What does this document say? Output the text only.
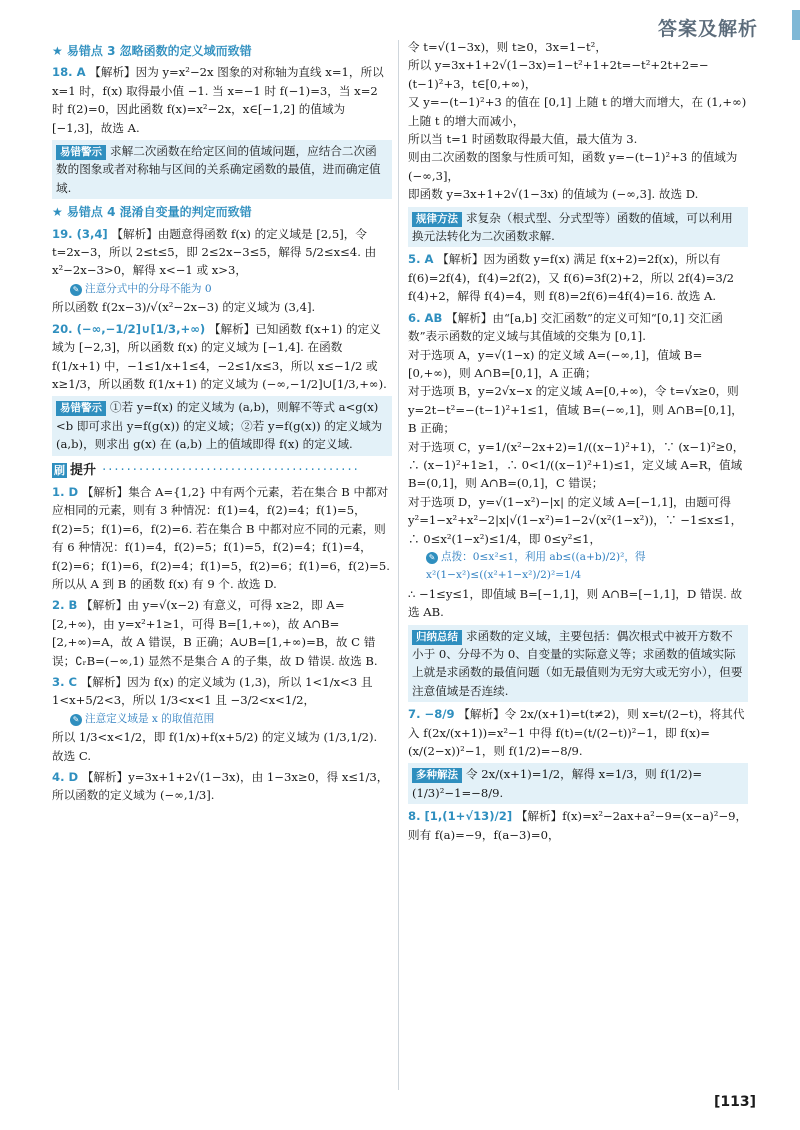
答案及解析

★ 易错点 3 忽略函数的定义域而致错

18. A 【解析】因为 y=x²−2x 图象的对称轴为直线 x=1，所以 x=1 时，f(x) 取得最小值 −1. 当 x=−1 时 f(−1)=3，当 x=2 时 f(2)=0，因此函数 f(x)=x²−2x，x∈[−1,2] 的值域为 [−1,3]，故选 A.

易错警示 求解二次函数在给定区间的值域问题，应结合二次函数的图象或者对称轴与区间的关系确定函数的最值，进而确定值域.

★ 易错点 4 混淆自变量的判定而致错

19. (3,4] 【解析】由题意得函数 f(x) 的定义域是 [2,5]，令 t=2x−3，所以 2≤t≤5，即 2≤2x−3≤5，解得 5/2≤x≤4. 由 x²−2x−3>0，解得 x<−1 或 x>3，

✎ 注意分式中的分母不能为 0

所以函数 f(2x−3)/√(x²−2x−3) 的定义域为 (3,4].

20. (−∞,−1/2]∪[1/3,+∞) 【解析】已知函数 f(x+1) 的定义域为 [−2,3]，所以函数 f(x) 的定义域为 [−1,4]. 在函数 f(1/x+1) 中，−1≤1/x+1≤4，−2≤1/x≤3，所以 x≤−1/2 或 x≥1/3，所以函数 f(1/x+1) 的定义域为 (−∞,−1/2]∪[1/3,+∞).

易错警示 ①若 y=f(x) 的定义域为 (a,b)，则解不等式 a<g(x)<b 即可求出 y=f(g(x)) 的定义域；②若 y=f(g(x)) 的定义域为 (a,b)，则求出 g(x) 在 (a,b) 上的值域即得 f(x) 的定义域.

刷 提升 ··········································

1. D 【解析】集合 A={1,2} 中有两个元素，若在集合 B 中都对应相同的元素，则有 3 种情况：f(1)=4，f(2)=4；f(1)=5，f(2)=5；f(1)=6，f(2)=6. 若在集合 B 中都对应不同的元素，则有 6 种情况：f(1)=4，f(2)=5；f(1)=5，f(2)=4；f(1)=4，f(2)=6；f(1)=6，f(2)=4；f(1)=5，f(2)=6；f(1)=6，f(2)=5. 所以从 A 到 B 的函数 f(x) 有 9 个. 故选 D.

2. B 【解析】由 y=√(x−2) 有意义，可得 x≥2，即 A=[2,+∞)，由 y=x²+1≥1，可得 B=[1,+∞)，故 A∩B=[2,+∞)=A，故 A 错误，B 正确；A∪B=[1,+∞)=B，故 C 错误；∁ᵣB=(−∞,1) 显然不是集合 A 的子集，故 D 错误. 故选 B.

3. C 【解析】因为 f(x) 的定义域为 (1,3)，所以 1<1/x<3 且 1<x+5/2<3，所以 1/3<x<1 且 −3/2<x<1/2，

✎ 注意定义域是 x 的取值范围

所以 1/3<x<1/2，即 f(1/x)+f(x+5/2) 的定义域为 (1/3,1/2). 故选 C.

4. D 【解析】y=3x+1+2√(1−3x)，由 1−3x≥0，得 x≤1/3，所以函数的定义域为 (−∞,1/3].

令 t=√(1−3x)，则 t≥0，3x=1−t²，

所以 y=3x+1+2√(1−3x)=1−t²+1+2t=−t²+2t+2=−(t−1)²+3，t∈[0,+∞)，

又 y=−(t−1)²+3 的值在 [0,1] 上随 t 的增大而增大，在 (1,+∞) 上随 t 的增大而减小，

所以当 t=1 时函数取得最大值，最大值为 3.

则由二次函数的图象与性质可知，函数 y=−(t−1)²+3 的值域为 (−∞,3]，

即函数 y=3x+1+2√(1−3x) 的值域为 (−∞,3]. 故选 D.

规律方法 求复杂（根式型、分式型等）函数的值域，可以利用换元法转化为二次函数求解.

5. A 【解析】因为函数 y=f(x) 满足 f(x+2)=2f(x)，所以有 f(6)=2f(4)，f(4)=2f(2)，又 f(6)=3f(2)+2，所以 2f(4)=3/2 f(4)+2，解得 f(4)=4，则 f(8)=2f(6)=4f(4)=16. 故选 A.

6. AB 【解析】由“[a,b] 交汇函数”的定义可知“[0,1] 交汇函数”表示函数的定义域与其值域的交集为 [0,1].

对于选项 A，y=√(1−x) 的定义域 A=(−∞,1]，值域 B=[0,+∞)，则 A∩B=[0,1]，A 正确；

对于选项 B，y=2√x−x 的定义域 A=[0,+∞)，令 t=√x≥0，则 y=2t−t²=−(t−1)²+1≤1，值域 B=(−∞,1]，则 A∩B=[0,1]，B 正确；

对于选项 C，y=1/(x²−2x+2)=1/((x−1)²+1)，∵ (x−1)²≥0，∴ (x−1)²+1≥1，∴ 0<1/((x−1)²+1)≤1，定义域 A=R，值域 B=(0,1]，则 A∩B=(0,1]，C 错误；

对于选项 D，y=√(1−x²)−|x| 的定义域 A=[−1,1]，由题可得 y²=1−x²+x²−2|x|√(1−x²)=1−2√(x²(1−x²))，∵ −1≤x≤1，∴ 0≤x²(1−x²)≤1/4，即 0≤y²≤1，

✎ 点拨：0≤x²≤1，利用 ab≤((a+b)/2)²，得 x²(1−x²)≤((x²+1−x²)/2)²=1/4

∴ −1≤y≤1，即值域 B=[−1,1]，则 A∩B=[−1,1]，D 错误. 故选 AB.

归纳总结 求函数的定义域，主要包括：偶次根式中被开方数不小于 0、分母不为 0、自变量的实际意义等；求函数的值域实际上就是求函数的最值问题（如无最值则为无穷大或无穷小），但要注意值域是否连续.

7. −8/9 【解析】令 2x/(x+1)=t(t≠2)，则 x=t/(2−t)，将其代入 f(2x/(x+1))=x²−1 中得 f(t)=(t/(2−t))²−1，即 f(x)=(x/(2−x))²−1，则 f(1/2)=−8/9.

多种解法 令 2x/(x+1)=1/2，解得 x=1/3，则 f(1/2)=(1/3)²−1=−8/9.

8. [1,(1+√13)/2] 【解析】f(x)=x²−2ax+a²−9=(x−a)²−9，则有 f(a)=−9，f(a−3)=0，

[113]
